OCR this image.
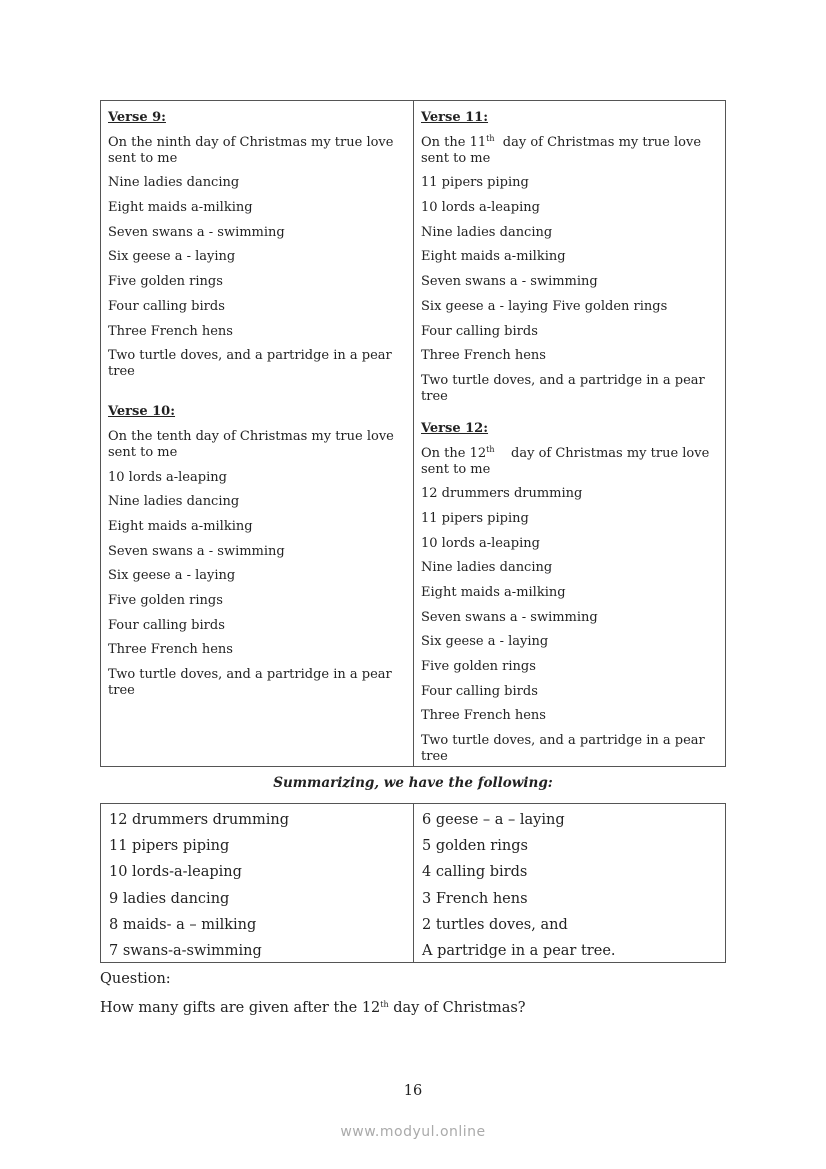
Verse 9:
On the ninth day of Christmas my true love sent to me
Nine ladies dancing
Eight maids a-milking
Seven swans a - swimming
Six geese a - laying
Five golden rings
Four calling birds
Three French hens
Two turtle doves, and a partridge in a pear tree
Verse 10:
On the tenth day of Christmas my true love sent to me
10 lords a-leaping
Nine ladies dancing
Eight maids a-milking
Seven swans a - swimming
Six geese a - laying
Five golden rings
Four calling birds
Three French hens
Two turtle doves, and a partridge in a pear tree
Verse 11:
On the 11th  day of Christmas my true love sent to me
11 pipers piping
10 lords a-leaping
Nine ladies dancing
Eight maids a-milking
Seven swans a - swimming
Six geese a - laying Five golden rings
Four calling birds
Three French hens
Two turtle doves, and a partridge in a pear tree
Verse 12:
On the 12th    day of Christmas my true love sent to me
12 drummers drumming
11 pipers piping
10 lords a-leaping
Nine ladies dancing
Eight maids a-milking
Seven swans a - swimming
Six geese a - laying
Five golden rings
Four calling birds
Three French hens
Two turtle doves, and a partridge in a pear tree
Summarizing, we have the following:
12 drummers drumming
11 pipers piping
10 lords-a-leaping
9 ladies dancing
8 maids- a – milking
7 swans-a-swimming
6 geese – a – laying
5 golden rings
4 calling birds
3 French hens
2 turtles doves, and
A partridge in a pear tree.
Question:
How many gifts are given after the 12th day of Christmas?
16
www.modyul.online
